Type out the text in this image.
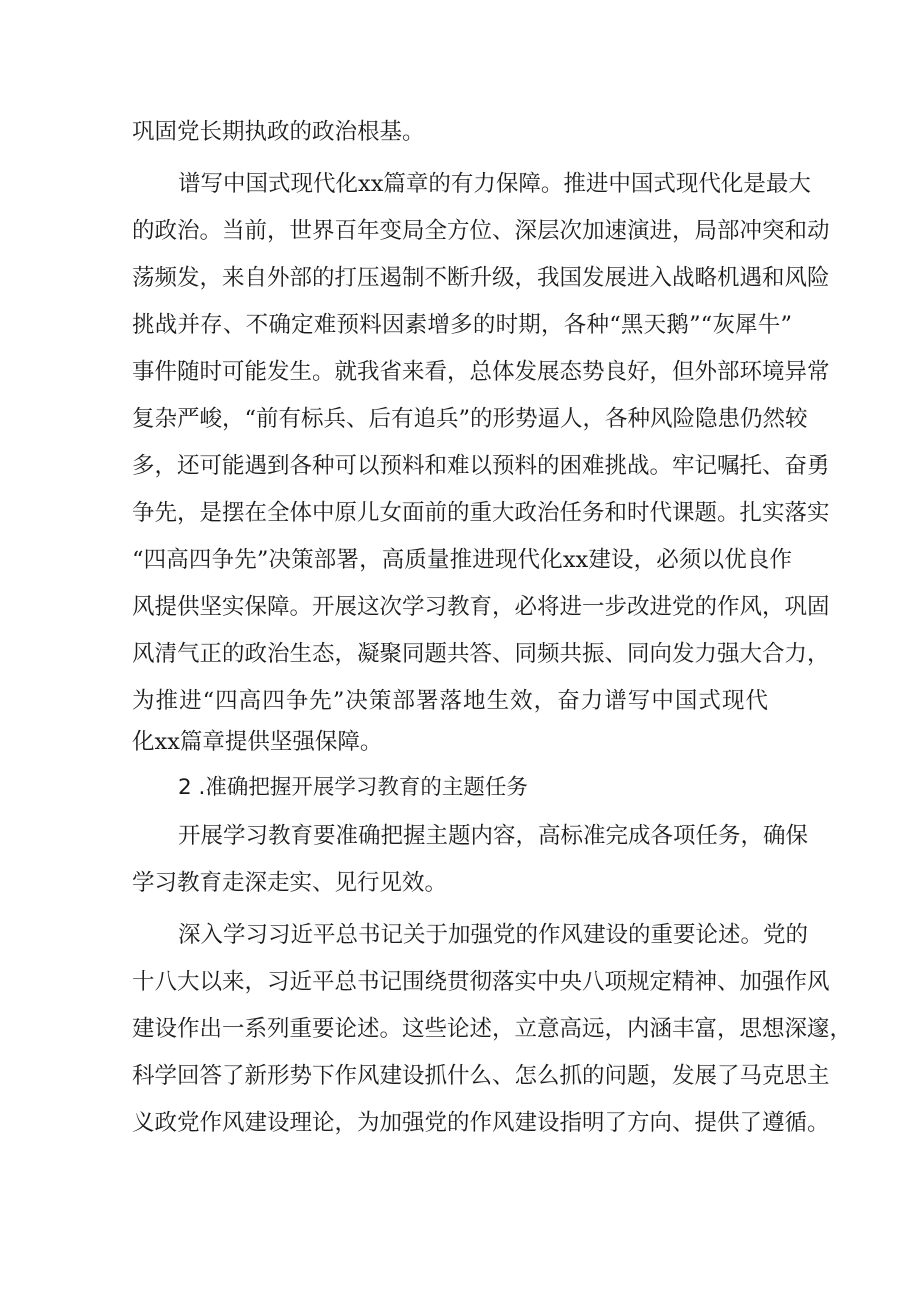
巩固党长期执政的政治根基。
谱写中国式现代化xx篇章的有力保障。推进中国式现代化是最大
的政治。当前，世界百年变局全方位、深层次加速演进，局部冲突和动
荡频发，来自外部的打压遏制不断升级，我国发展进入战略机遇和风险
挑战并存、不确定难预料因素增多的时期，各种“黑天鹅”“灰犀牛”
事件随时可能发生。就我省来看，总体发展态势良好，但外部环境异常
复杂严峻，“前有标兵、后有追兵”的形势逼人，各种风险隐患仍然较
多，还可能遇到各种可以预料和难以预料的困难挑战。牢记嘱托、奋勇
争先，是摆在全体中原儿女面前的重大政治任务和时代课题。扎实落实
“四高四争先”决策部署，高质量推进现代化xx建设，必须以优良作
风提供坚实保障。开展这次学习教育，必将进一步改进党的作风，巩固
风清气正的政治生态，凝聚同题共答、同频共振、同向发力强大合力，
为推进“四高四争先”决策部署落地生效，奋力谱写中国式现代
化xx篇章提供坚强保障。
2 .准确把握开展学习教育的主题任务
开展学习教育要准确把握主题内容，高标准完成各项任务，确保
学习教育走深走实、见行见效。
深入学习习近平总书记关于加强党的作风建设的重要论述。党的
十八大以来，习近平总书记围绕贯彻落实中央八项规定精神、加强作风
建设作出一系列重要论述。这些论述，立意高远，内涵丰富，思想深邃，
科学回答了新形势下作风建设抓什么、怎么抓的问题，发展了马克思主
义政党作风建设理论，为加强党的作风建设指明了方向、提供了遵循。
